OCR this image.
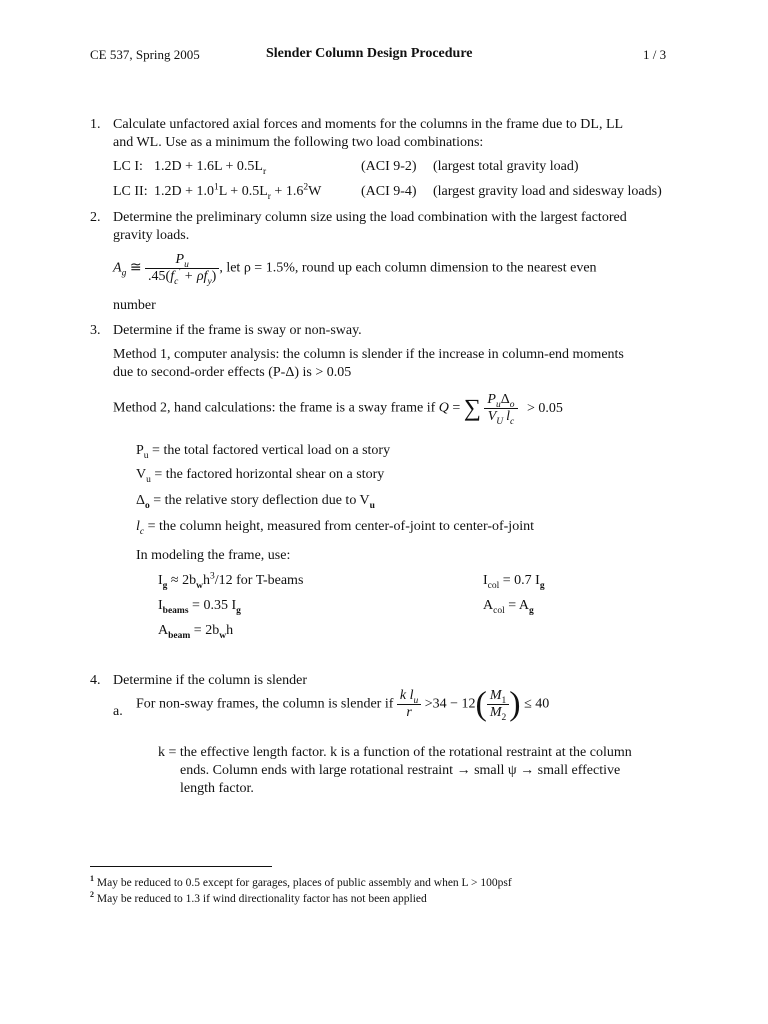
CE 537, Spring 2005	Slender Column Design Procedure	1 / 3
1. Calculate unfactored axial forces and moments for the columns in the frame due to DL, LL
and WL. Use as a minimum the following two load combinations:
LC I: $1.2D + 1.6L + 0.5L_r$	(ACI 9-2) (largest total gravity load)
LC II: $1.2D + 1.0^1L + 0.5L_r + 1.6^2W$	(ACI 9-4) (largest gravity load and sidesway loads)
2. Determine the preliminary column size using the load combination with the largest factored
gravity loads.
$A_g$ ≅ $\frac{P_u}{.45(f_c' + \rho f_y)}$ , let ρ = 1.5%, round up each column dimension to the nearest even
number
3. Determine if the frame is sway or non-sway.
Method 1, computer analysis: the column is slender if the increase in column-end moments
due to second-order effects (P-Δ) is > 0.05
Method 2, hand calculations: the frame is a sway frame if Q = ∑ $\frac{P_u\Delta_o}{V_U l_c} > 0.05$
$P_u$ = the total factored vertical load on a story
$V_u$ = the factored horizontal shear on a story
$\Delta_o$ = the relative story deflection due to $V_u$
$l_c$ = the column height, measured from center-of-joint to center-of-joint
In modeling the frame, use:
$I_g \approx 2b_wh^3/12$ for T-beams	$I_{col} = 0.7$ $I_g$
$I_{beams} = 0.35$ $I_g$	$A_{col} = A_g$
$A_{beam} = 2b_wh$
4. Determine if the column is slender
a. For non-sway frames, the column is slender if $\frac{k l_u}{r} >34 - 12( \frac{M_1}{M_2}$ ) ≤ 40
k = the effective length factor. k is a function of the rotational restraint at the column
ends. Column ends with large rotational restraint → small ψ → small effective
length factor.
$^1$ May be reduced to 0.5 except for garages, places of public assembly and when L > 100psf
$^2$ May be reduced to 1.3 if wind directionality factor has not been applied
